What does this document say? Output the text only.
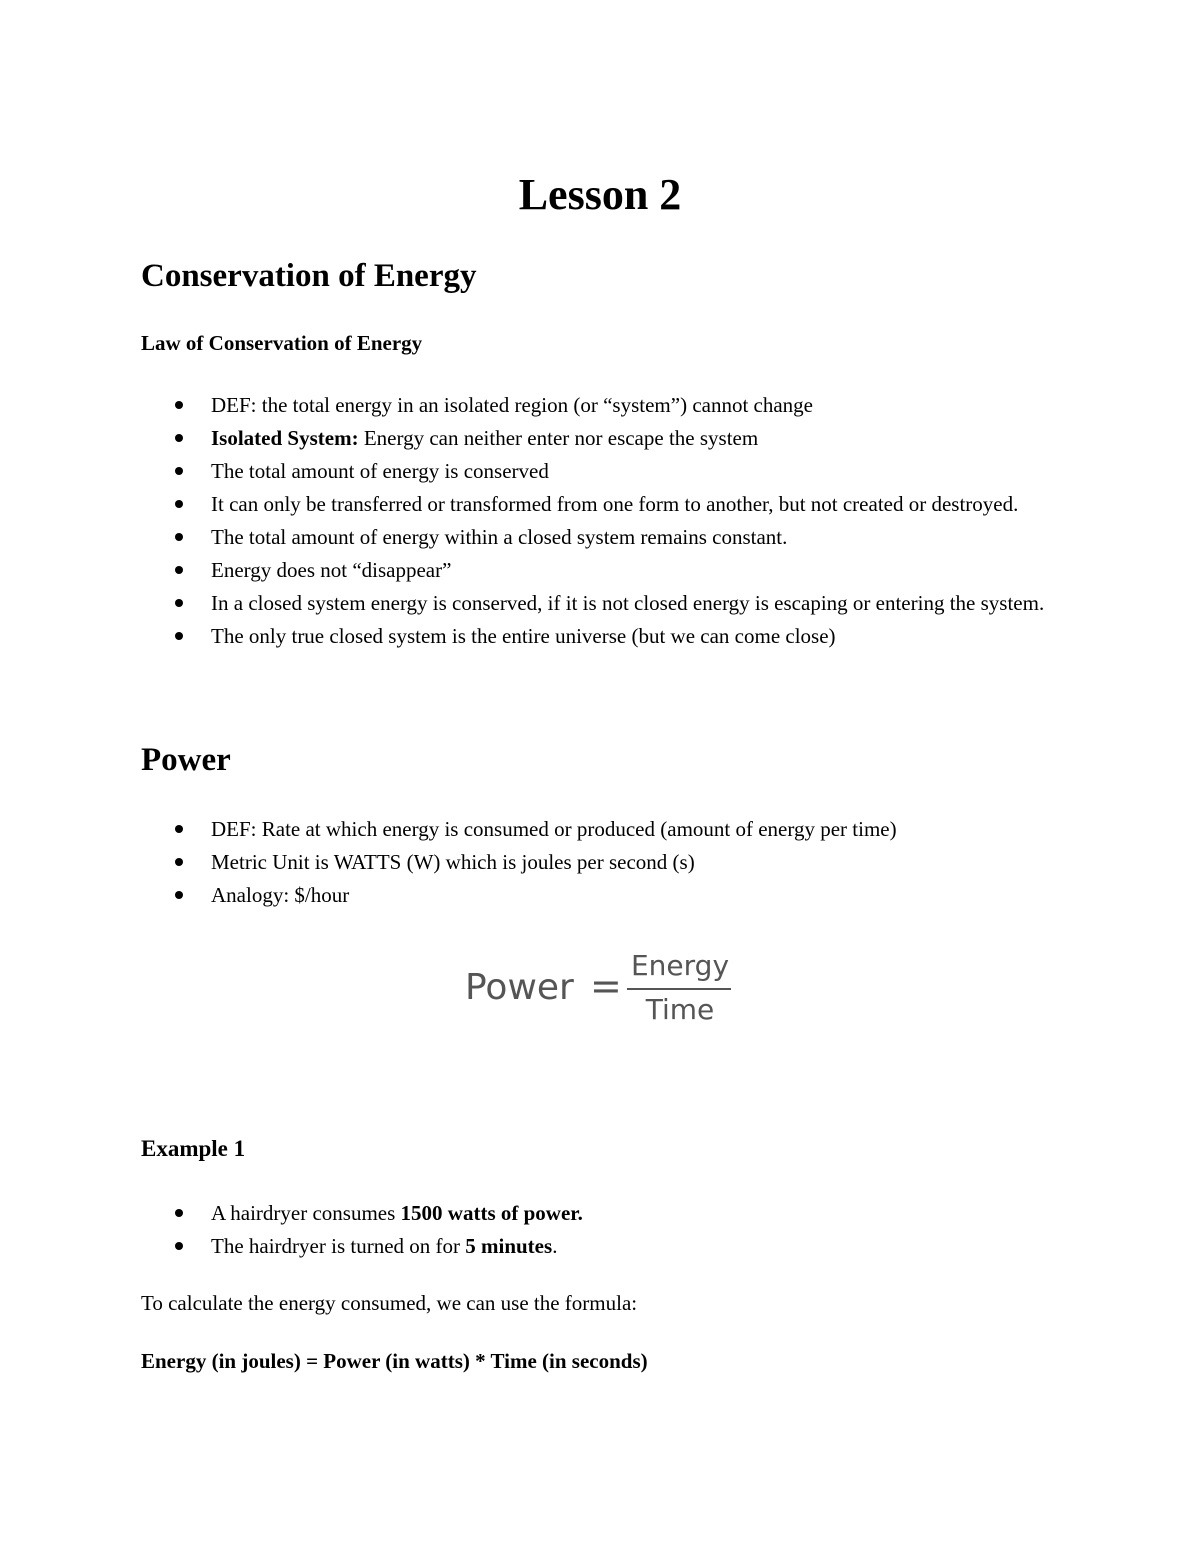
Lesson 2
Conservation of Energy

Law of Conservation of Energy

DEF: the total energy in an isolated region (or “system”) cannot change
Isolated System: Energy can neither enter nor escape the system
The total amount of energy is conserved
It can only be transferred or transformed from one form to another, but not created or destroyed.
The total amount of energy within a closed system remains constant.
Energy does not “disappear”
In a closed system energy is conserved, if it is not closed energy is escaping or entering the system.
The only true closed system is the entire universe (but we can come close)
Power
DEF: Rate at which energy is consumed or produced (amount of energy per time)
Metric Unit is WATTS (W) which is joules per second (s)
Analogy: $/hour
Power = Energy
Time

Example 1

A hairdryer consumes 1500 watts of power.
The hairdryer is turned on for 5 minutes.

To calculate the energy consumed, we can use the formula:

Energy (in joules) = Power (in watts) * Time (in seconds)
